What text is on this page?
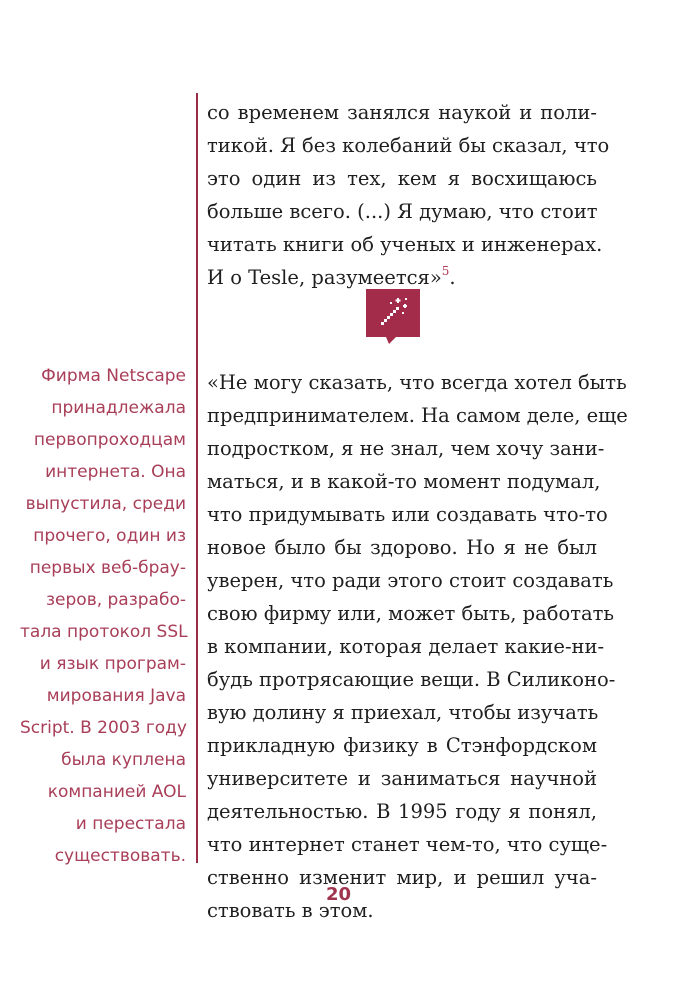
со временем занялся наукой и поли-
тикой. Я без колебаний бы сказал, что
это один из тех, кем я восхищаюсь
больше всего. (...) Я думаю, что стоит
читать книги об ученых и инженерах.
И о Tesle, разумеется»$^5$.
Фирма Netscape
принадлежала
первопроходцам
интернета. Она
выпустила, среди
прочего, один из
первых веб-брау-
зеров, разрабо-
тала протокол SSL
и язык програм-
мирования Java
Script. В 2003 году
была куплена
компанией AOL
и перестала
существовать.
«Не могу сказать, что всегда хотел быть
предпринимателем. На самом деле, еще
подростком, я не знал, чем хочу зани-
маться, и в какой-то момент подумал,
что придумывать или создавать что-то
новое было бы здорово. Но я не был
уверен, что ради этого стоит создавать
свою фирму или, может быть, работать
в компании, которая делает какие-ни-
будь протрясающие вещи. В Силиконо-
вую долину я приехал, чтобы изучать
прикладную физику в Стэнфордском
университете и заниматься научной
деятельностью. В 1995 году я понял,
что интернет станет чем-то, что суще-
ственно изменит мир, и решил уча-
ствовать в этом.
20
